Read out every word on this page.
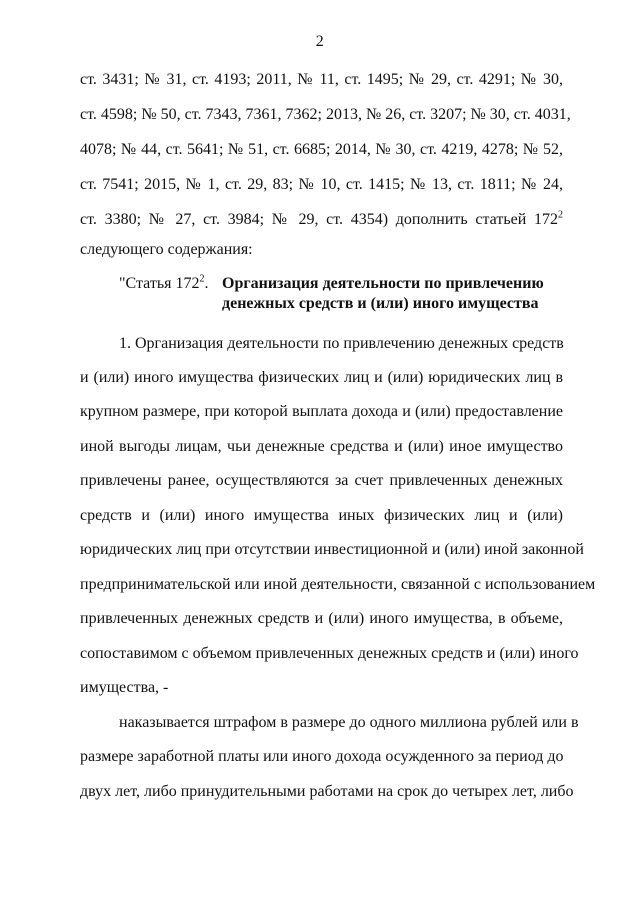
2
ст. 3431; № 31, ст. 4193; 2011, № 11, ст. 1495; № 29, ст. 4291; № 30,
ст. 4598; № 50, ст. 7343, 7361, 7362; 2013, № 26, ст. 3207; № 30, ст. 4031,
4078; № 44, ст. 5641; № 51, ст. 6685; 2014, № 30, ст. 4219, 4278; № 52,
ст. 7541; 2015, № 1, ст. 29, 83; № 10, ст. 1415; № 13, ст. 1811; № 24,
ст. 3380; № 27, ст. 3984; № 29, ст. 4354) дополнить статьей $172^2$
следующего содержания:
"Статья $172^2$. Организация деятельности по привлечению
денежных средств и (или) иного имущества
1. Организация деятельности по привлечению денежных средств
и (или) иного имущества физических лиц и (или) юридических лиц в
крупном размере, при которой выплата дохода и (или) предоставление
иной выгоды лицам, чьи денежные средства и (или) иное имущество
привлечены ранее, осуществляются за счет привлеченных денежных
средств и (или) иного имущества иных физических лиц и (или)
юридических лиц при отсутствии инвестиционной и (или) иной законной
предпринимательской или иной деятельности, связанной с использованием
привлеченных денежных средств и (или) иного имущества, в объеме,
сопоставимом с объемом привлеченных денежных средств и (или) иного
имущества, -
наказывается штрафом в размере до одного миллиона рублей или в
размере заработной платы или иного дохода осужденного за период до
двух лет, либо принудительными работами на срок до четырех лет, либо
